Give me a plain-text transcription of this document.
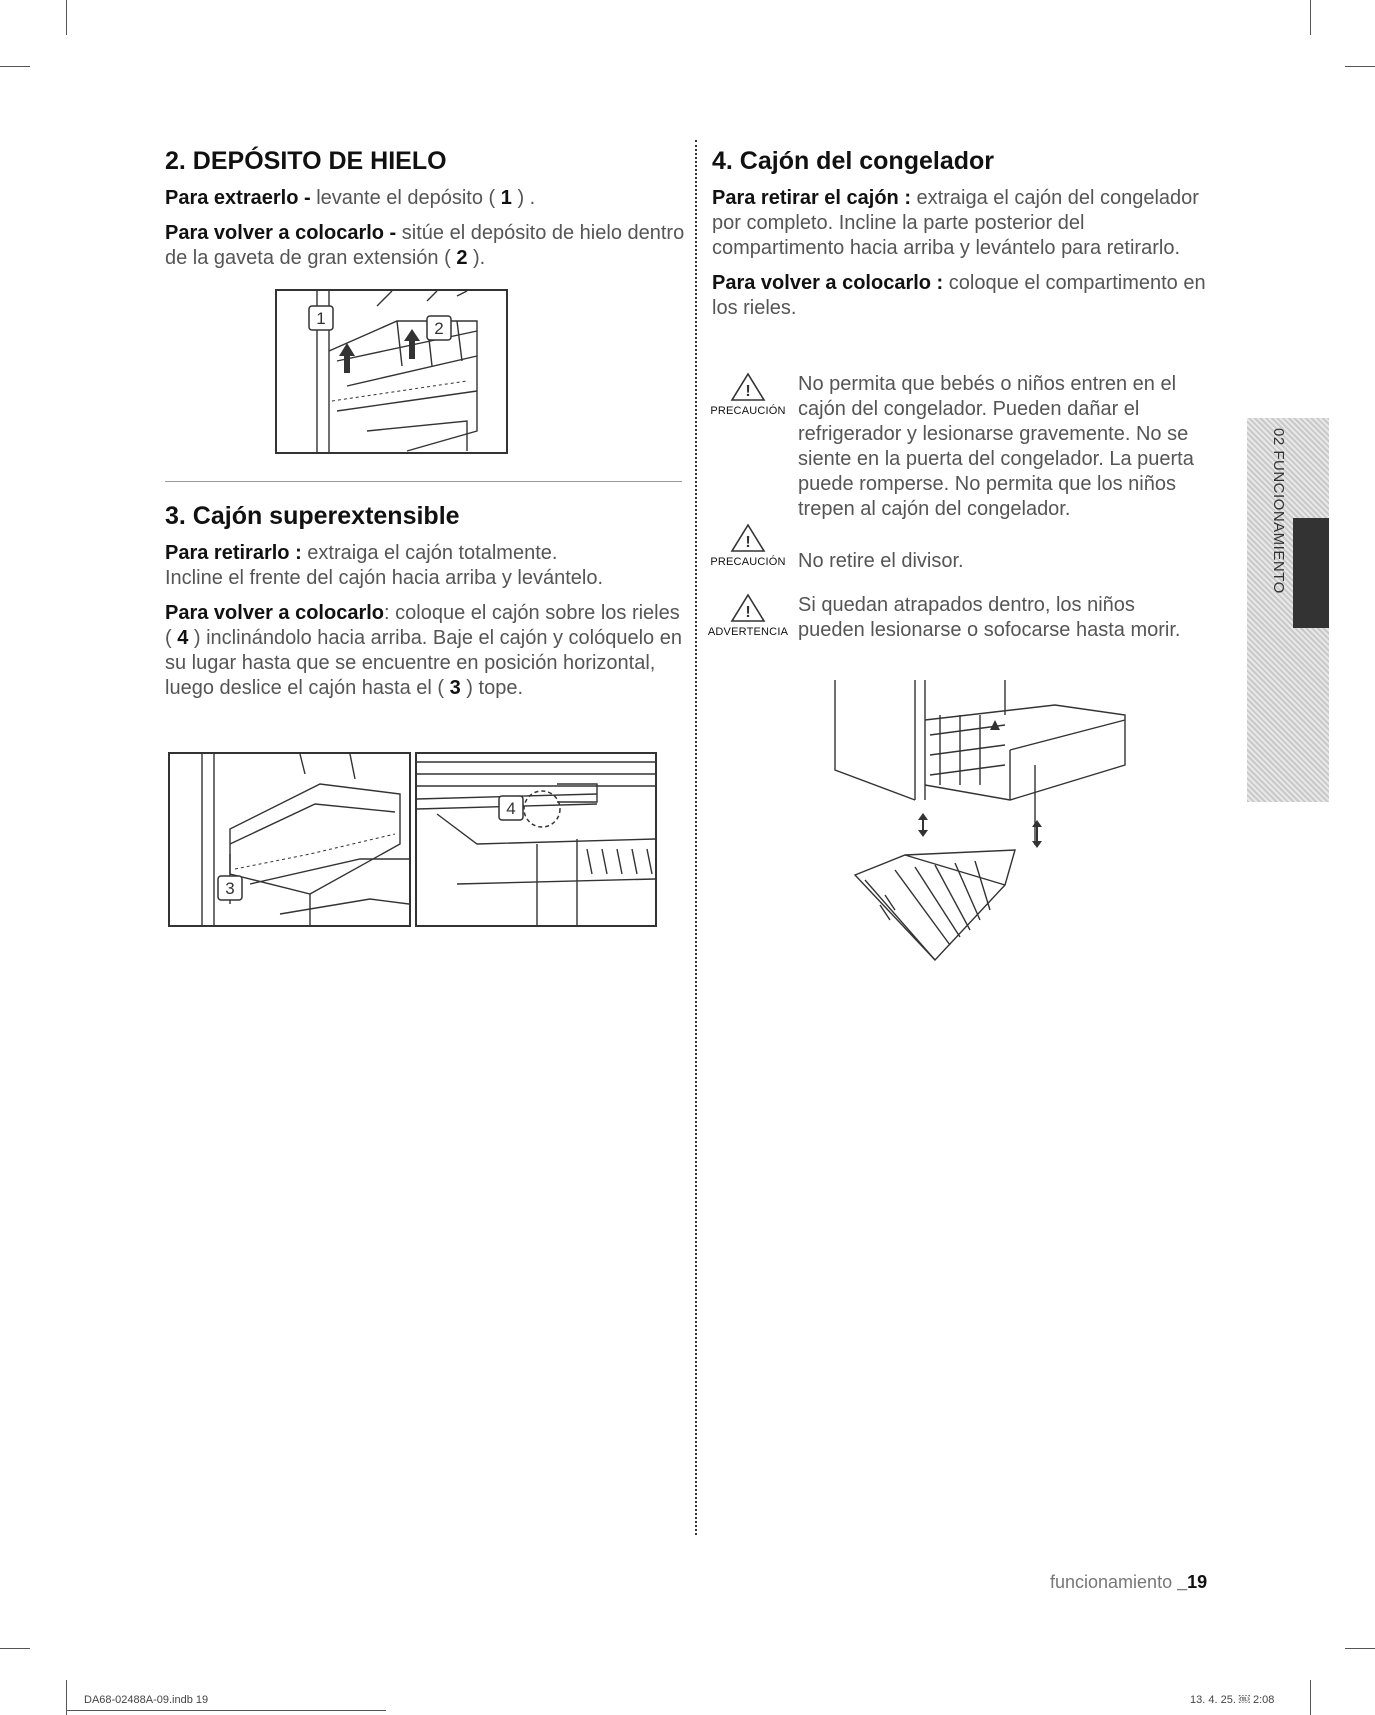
2. DEPÓSITO DE HIELO

Para extraerlo - levante el depósito ( 1 ) .

Para volver a colocarlo - sitúe el depósito de hielo dentro de la gaveta de gran extensión ( 2 ).

1
2
3. Cajón superextensible

Para retirarlo : extraiga el cajón totalmente.
Incline el frente del cajón hacia arriba y levántelo.

Para volver a colocarlo: coloque el cajón sobre los rieles ( 4 ) inclinándolo hacia arriba. Baje el cajón y colóquelo en su lugar hasta que se encuentre en posición horizontal, luego deslice el cajón hasta el ( 3 ) tope.

3
4
4. Cajón del congelador

Para retirar el cajón : extraiga el cajón del congelador por completo. Incline la parte posterior del compartimento hacia arriba y levántelo para retirarlo.

Para volver a colocarlo : coloque el compartimento en los rieles.

!
PRECAUCIÓN
No permita que bebés o niños entren en el cajón del congelador. Pueden dañar el refrigerador y lesionarse gravemente. No se siente en la puerta del congelador. La puerta puede romperse. No permita que los niños trepen al cajón del congelador.
!
PRECAUCIÓN No retire el divisor.
!
ADVERTENCIA
Si quedan atrapados dentro, los niños pueden lesionarse o sofocarse hasta morir.
02 FUNCIONAMIENTO
funcionamiento _19
DA68-02488A-09.indb 19	13. 4. 25. ￼ 2:08
